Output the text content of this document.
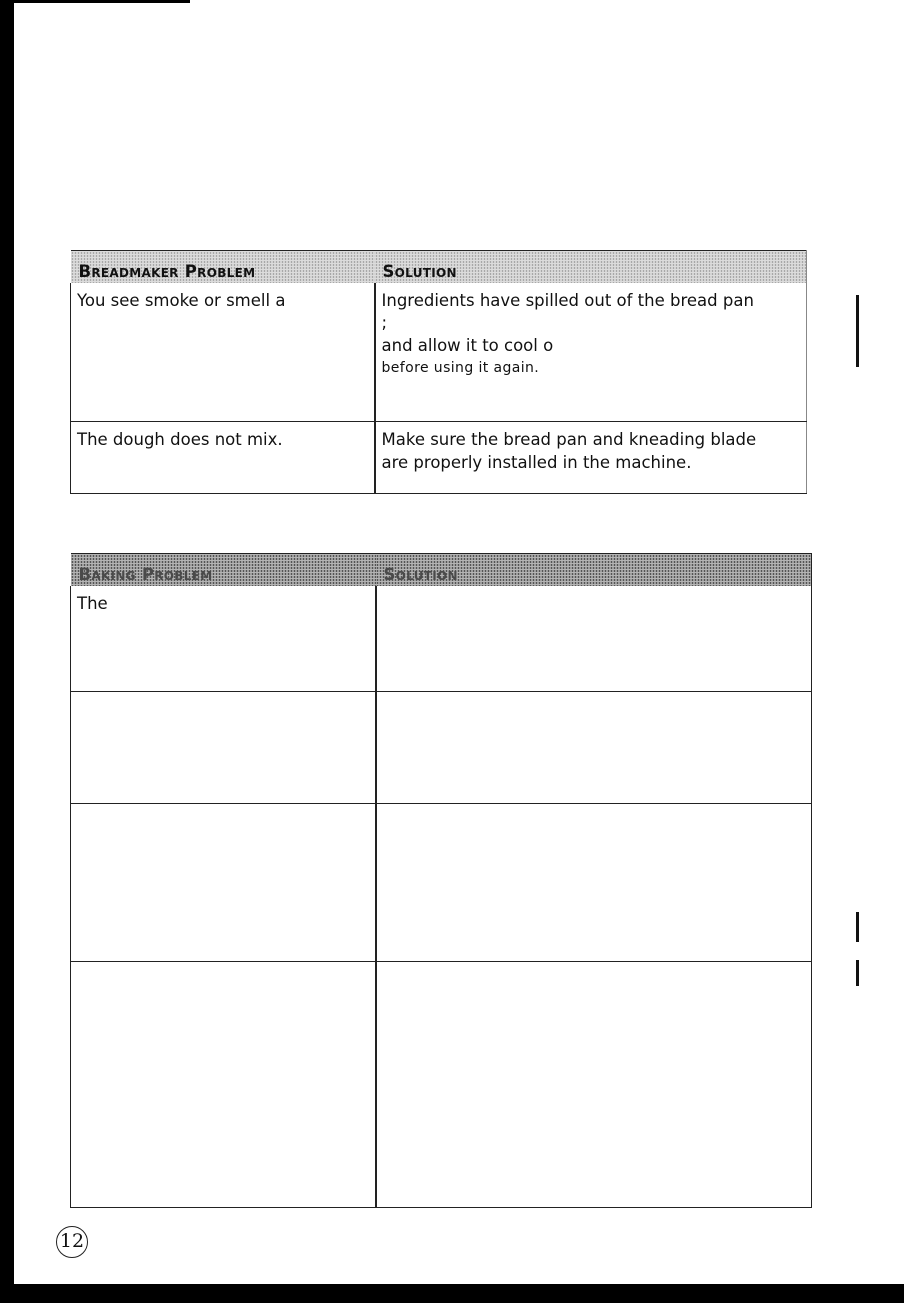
Breadmaker Problem	Solution
You see smoke or smell a	Ingredients have spilled out of the bread pan
;
and allow it to cool o
before using it again.

The dough does not mix.	Make sure the bread pan and kneading blade
are properly installed in the machine.
Baking Problem	Solution
The	

12
